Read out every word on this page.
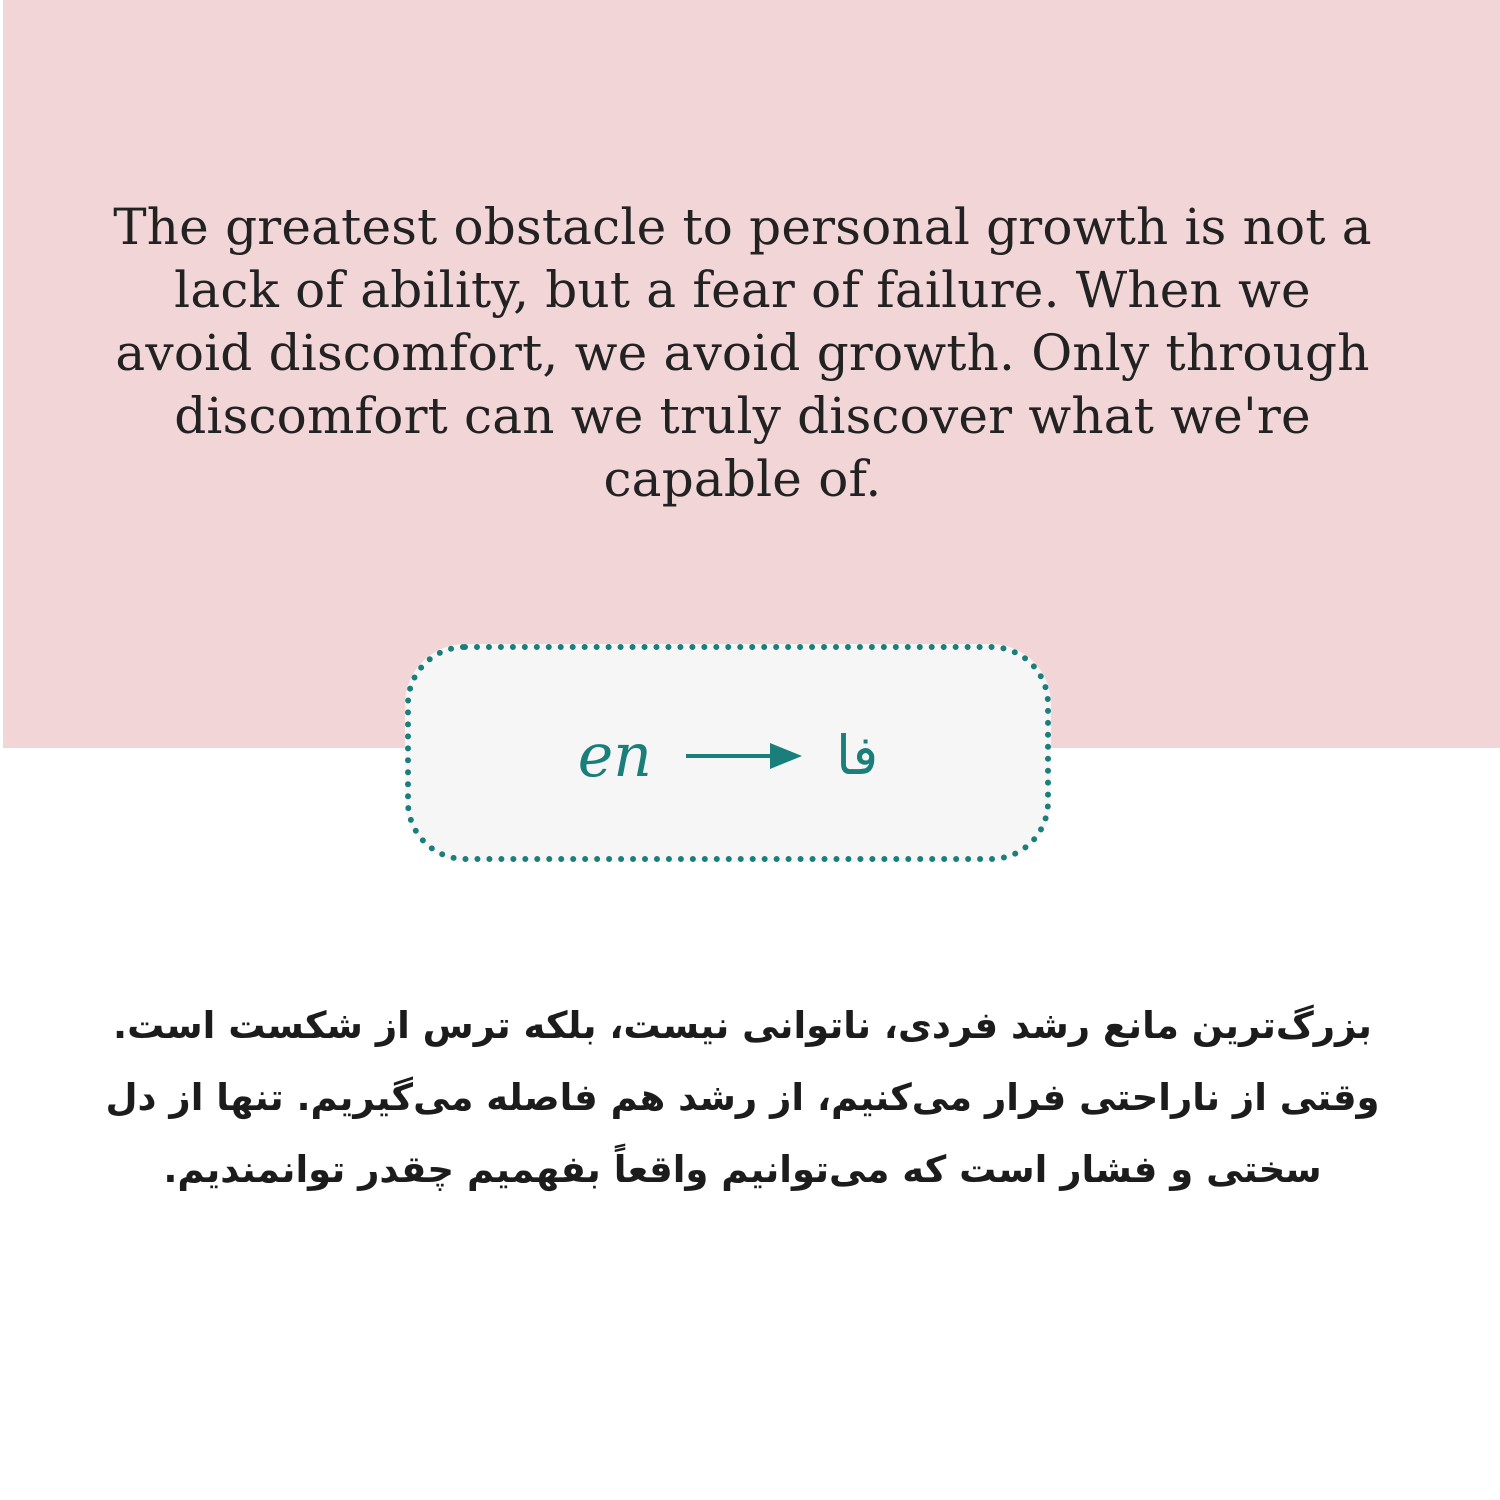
The greatest obstacle to personal growth is not a lack of ability, but a fear of failure. When we avoid discomfort, we avoid growth. Only through discomfort can we truly discover what we're capable of.

en	فا

بزرگ‌ترین مانع رشد فردی، ناتوانی نیست، بلکه ترس از شکست است. وقتی از ناراحتی فرار می‌کنیم، از رشد هم فاصله می‌گیریم. تنها از دل سختی و فشار است که می‌توانیم واقعاً بفهمیم چقدر توانمندیم.
